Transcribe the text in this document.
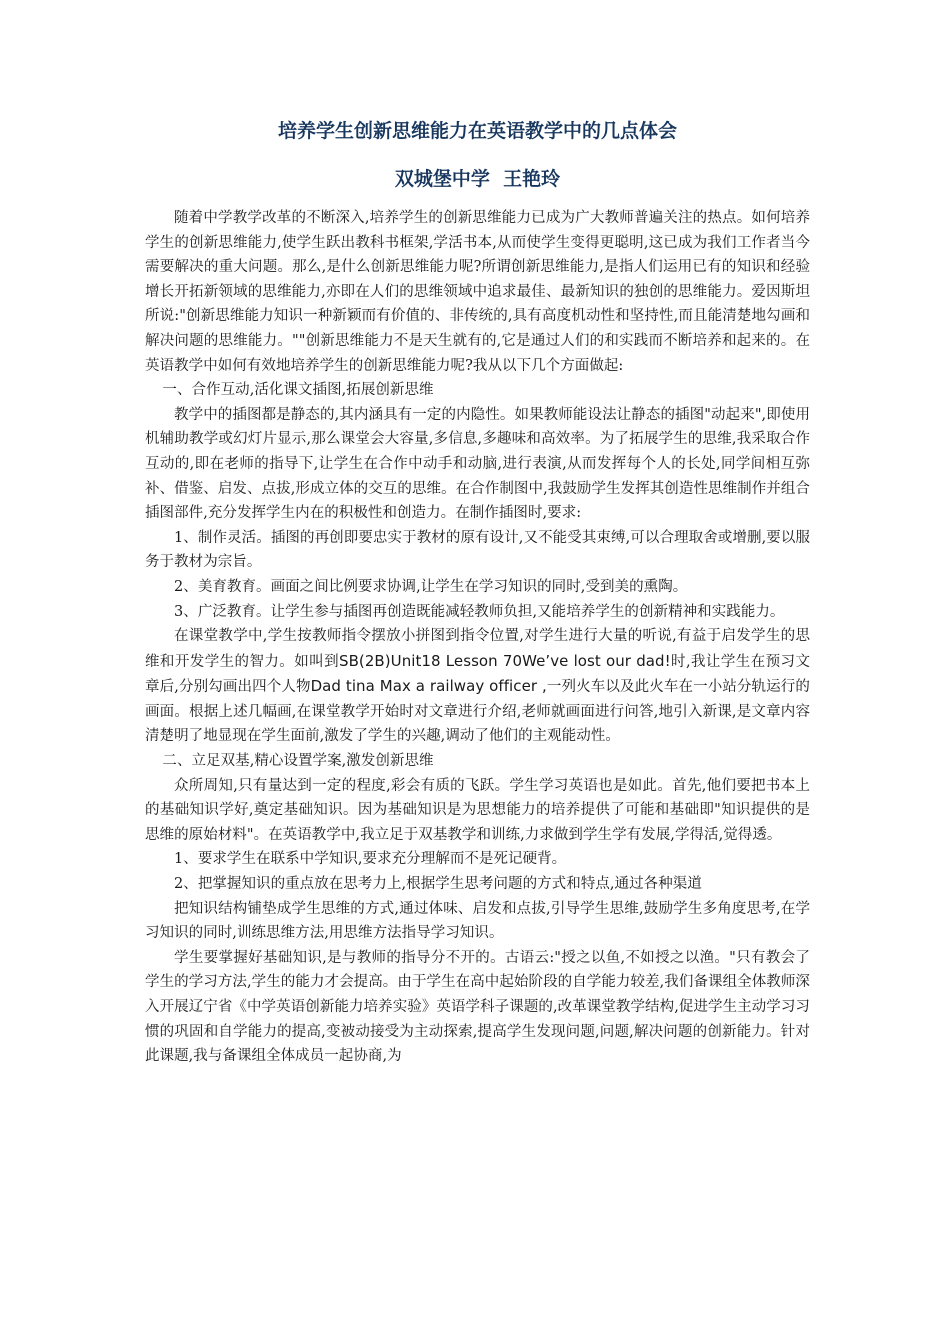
培养学生创新思维能力在英语教学中的几点体会
双城堡中学  王艳玲

随着中学教学改革的不断深入,培养学生的创新思维能力已成为广大教师普遍关注的热点。如何培养学生的创新思维能力,使学生跃出教科书框架,学活书本,从而使学生变得更聪明,这已成为我们工作者当今需要解决的重大问题。那么,是什么创新思维能力呢?所谓创新思维能力,是指人们运用已有的知识和经验增长开拓新领域的思维能力,亦即在人们的思维领域中追求最佳、最新知识的独创的思维能力。爱因斯坦所说:"创新思维能力知识一种新颖而有价值的、非传统的,具有高度机动性和坚持性,而且能清楚地勾画和解决问题的思维能力。""创新思维能力不是天生就有的,它是通过人们的和实践而不断培养和起来的。在英语教学中如何有效地培养学生的创新思维能力呢?我从以下几个方面做起:

一、合作互动,活化课文插图,拓展创新思维

教学中的插图都是静态的,其内涵具有一定的内隐性。如果教师能设法让静态的插图"动起来",即使用机辅助教学或幻灯片显示,那么课堂会大容量,多信息,多趣味和高效率。为了拓展学生的思维,我采取合作互动的,即在老师的指导下,让学生在合作中动手和动脑,进行表演,从而发挥每个人的长处,同学间相互弥补、借鉴、启发、点拔,形成立体的交互的思维。在合作制图中,我鼓励学生发挥其创造性思维制作并组合插图部件,充分发挥学生内在的积极性和创造力。在制作插图时,要求:

1、制作灵活。插图的再创即要忠实于教材的原有设计,又不能受其束缚,可以合理取舍或增删,要以服务于教材为宗旨。

2、美育教育。画面之间比例要求协调,让学生在学习知识的同时,受到美的熏陶。

3、广泛教育。让学生参与插图再创造既能减轻教师负担,又能培养学生的创新精神和实践能力。

在课堂教学中,学生按教师指令摆放小拼图到指令位置,对学生进行大量的听说,有益于启发学生的思维和开发学生的智力。如叫到SB(2B)Unit18 Lesson 70We’ve lost our dad!时,我让学生在预习文章后,分别勾画出四个人物Dad tina Max a railway officer ,一列火车以及此火车在一小站分轨运行的画面。根据上述几幅画,在课堂教学开始时对文章进行介绍,老师就画面进行问答,地引入新课,是文章内容清楚明了地显现在学生面前,激发了学生的兴趣,调动了他们的主观能动性。

二、立足双基,精心设置学案,激发创新思维

众所周知,只有量达到一定的程度,彩会有质的飞跃。学生学习英语也是如此。首先,他们要把书本上的基础知识学好,奠定基础知识。因为基础知识是为思想能力的培养提供了可能和基础即"知识提供的是思维的原始材料"。在英语教学中,我立足于双基教学和训练,力求做到学生学有发展,学得活,觉得透。

1、要求学生在联系中学知识,要求充分理解而不是死记硬背。

2、把掌握知识的重点放在思考力上,根据学生思考问题的方式和特点,通过各种渠道

把知识结构铺垫成学生思维的方式,通过体味、启发和点拔,引导学生思维,鼓励学生多角度思考,在学习知识的同时,训练思维方法,用思维方法指导学习知识。

学生要掌握好基础知识,是与教师的指导分不开的。古语云:"授之以鱼,不如授之以渔。"只有教会了学生的学习方法,学生的能力才会提高。由于学生在高中起始阶段的自学能力较差,我们备课组全体教师深入开展辽宁省《中学英语创新能力培养实验》英语学科子课题的,改革课堂教学结构,促进学生主动学习习惯的巩固和自学能力的提高,变被动接受为主动探索,提高学生发现问题,问题,解决问题的创新能力。针对此课题,我与备课组全体成员一起协商,为
